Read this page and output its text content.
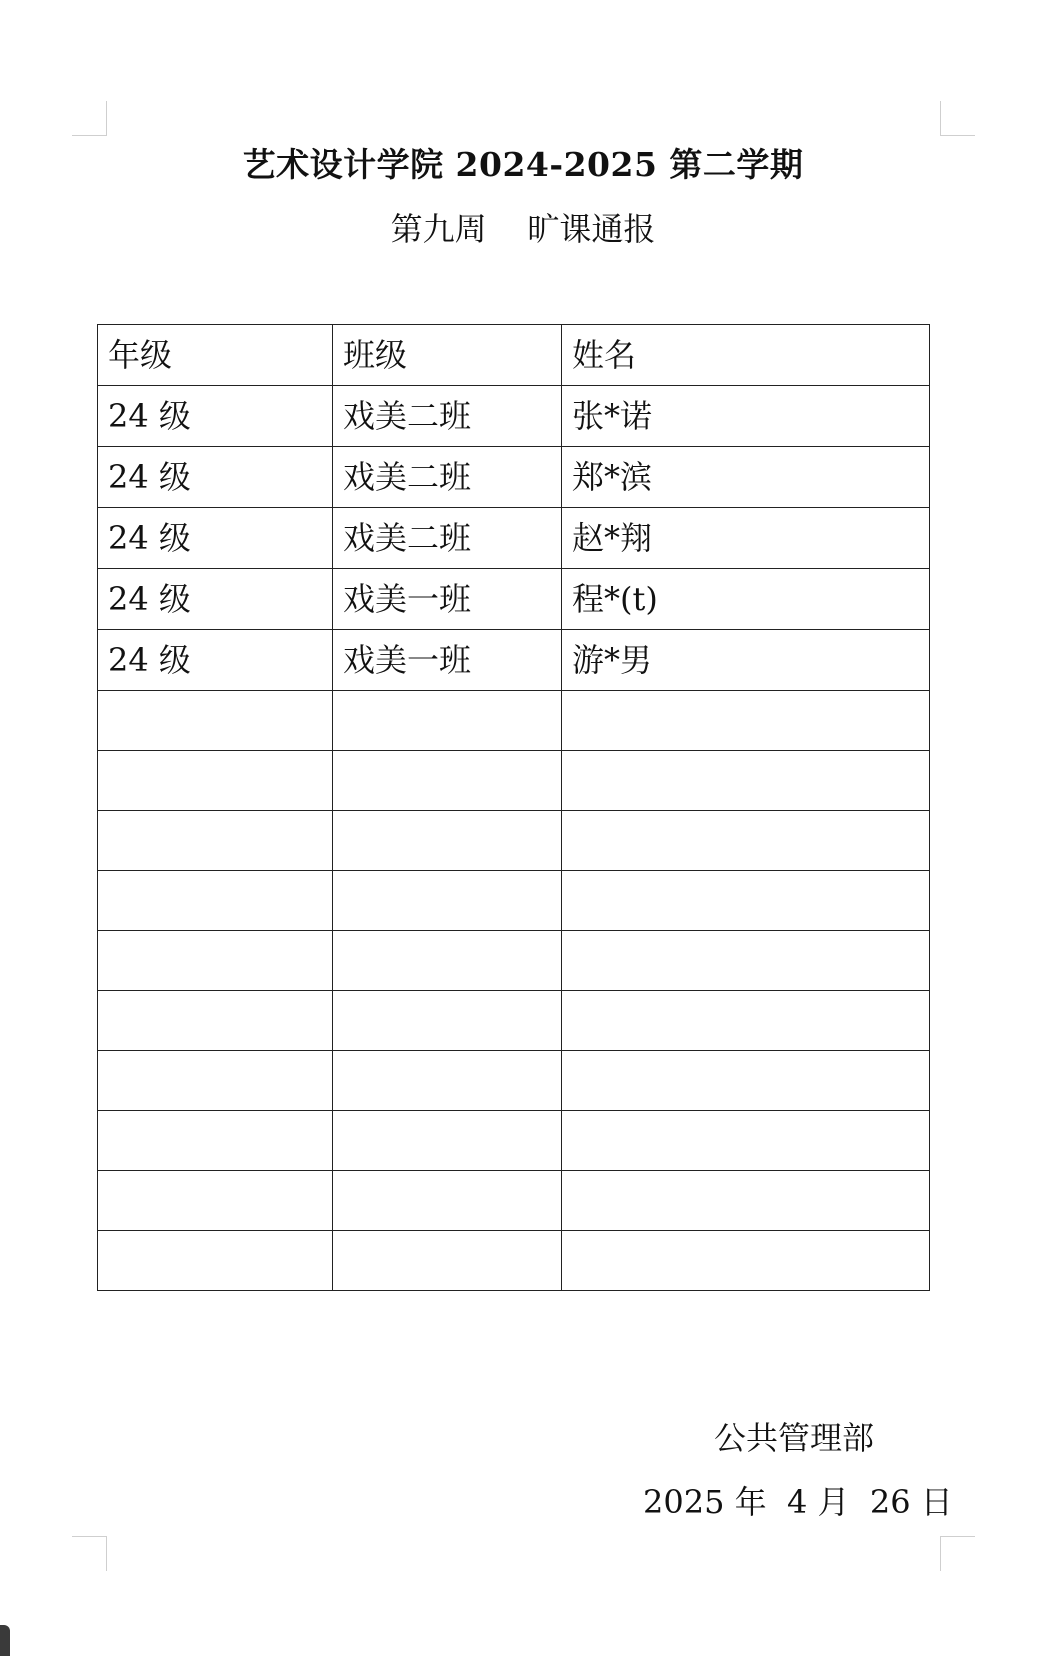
艺术设计学院 2024-2025 第二学期
第九周    旷课通报
年级	班级	姓名
24 级	戏美二班	张*诺
24 级	戏美二班	郑*滨
24 级	戏美二班	赵*翔
24 级	戏美一班	程*(t)
24 级	戏美一班	游*男

公共管理部
2025 年  4 月  26 日
